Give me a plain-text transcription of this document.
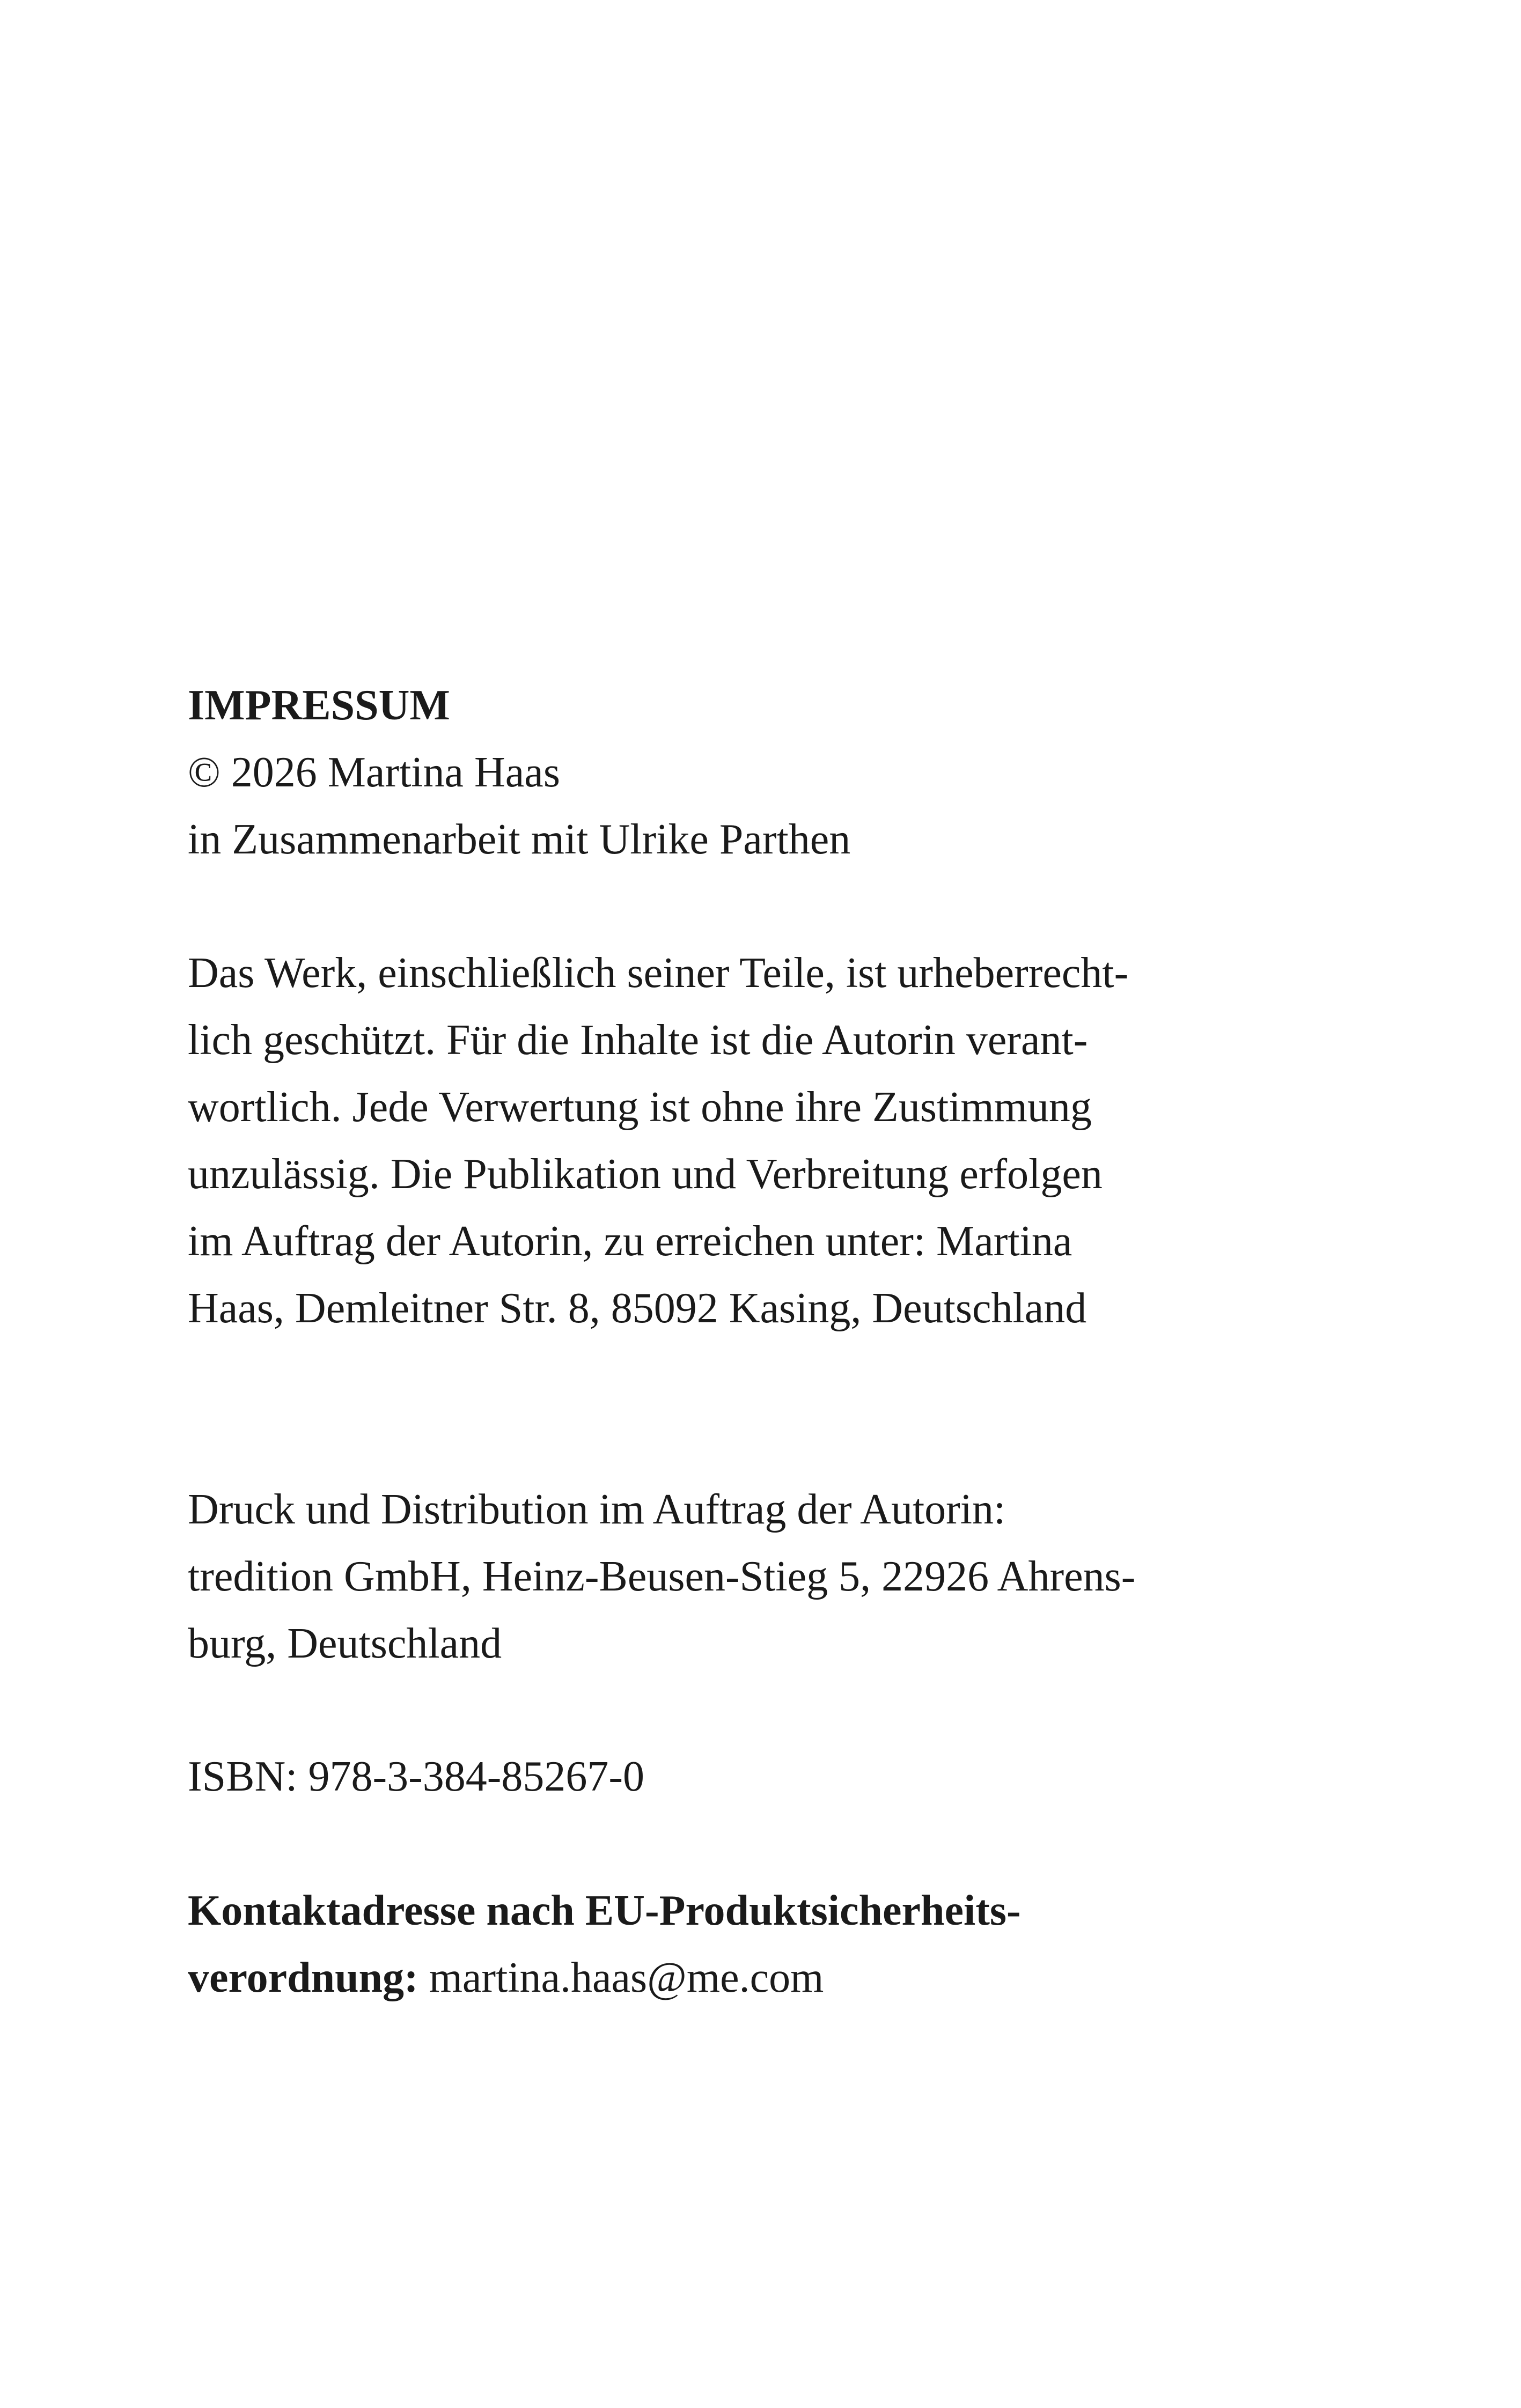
IMPRESSUM
© 2026 Martina Haas
in Zusammenarbeit mit Ulrike Parthen
Das Werk, einschließlich seiner Teile, ist urheberrecht-
lich geschützt. Für die Inhalte ist die Autorin verant-
wortlich. Jede Verwertung ist ohne ihre Zustimmung
unzulässig. Die Publikation und Verbreitung erfolgen
im Auftrag der Autorin, zu erreichen unter: Martina
Haas, Demleitner Str. 8, 85092 Kasing, Deutschland
Druck und Distribution im Auftrag der Autorin:
tredition GmbH, Heinz-Beusen-Stieg 5, 22926 Ahrens-
burg, Deutschland
ISBN: 978-3-384-85267-0
Kontaktadresse nach EU-Produktsicherheits-
verordnung: martina.haas@me.com
